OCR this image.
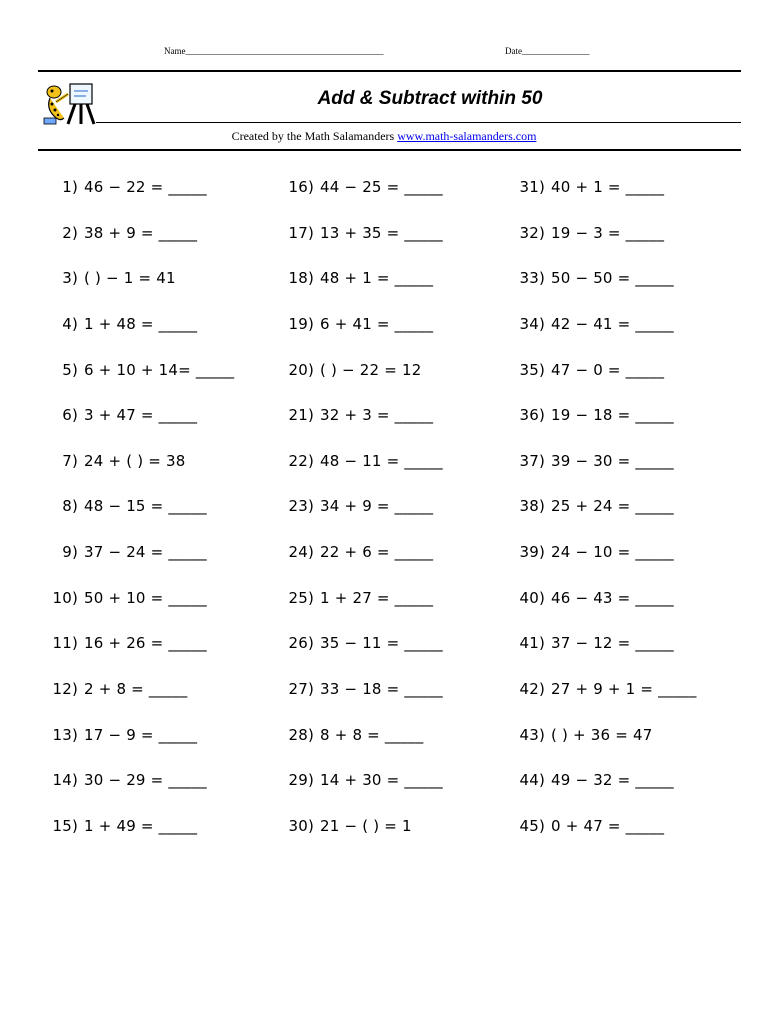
Name____________________________________________	Date_______________
Add & Subtract within 50
Created by the Math Salamanders www.math-salamanders.com
1) 46 − 22 = _____
2) 38 + 9 = _____
3) ( ) − 1 = 41
4) 1 + 48 = _____
5) 6 + 10 + 14= _____
6) 3 + 47 = _____
7) 24 + ( ) = 38
8) 48 − 15 = _____
9) 37 − 24 = _____
10) 50 + 10 = _____
11) 16 + 26 = _____
12) 2 + 8 = _____
13) 17 − 9 = _____
14) 30 − 29 = _____
15) 1 + 49 = _____
16) 44 − 25 = _____
17) 13 + 35 = _____
18) 48 + 1 = _____
19) 6 + 41 = _____
20) ( ) − 22 = 12
21) 32 + 3 = _____
22) 48 − 11 = _____
23) 34 + 9 = _____
24) 22 + 6 = _____
25) 1 + 27 = _____
26) 35 − 11 = _____
27) 33 − 18 = _____
28) 8 + 8 = _____
29) 14 + 30 = _____
30) 21 − ( ) = 1
31) 40 + 1 = _____
32) 19 − 3 = _____
33) 50 − 50 = _____
34) 42 − 41 = _____
35) 47 − 0 = _____
36) 19 − 18 = _____
37) 39 − 30 = _____
38) 25 + 24 = _____
39) 24 − 10 = _____
40) 46 − 43 = _____
41) 37 − 12 = _____
42) 27 + 9 + 1 = _____
43) ( ) + 36 = 47
44) 49 − 32 = _____
45) 0 + 47 = _____
